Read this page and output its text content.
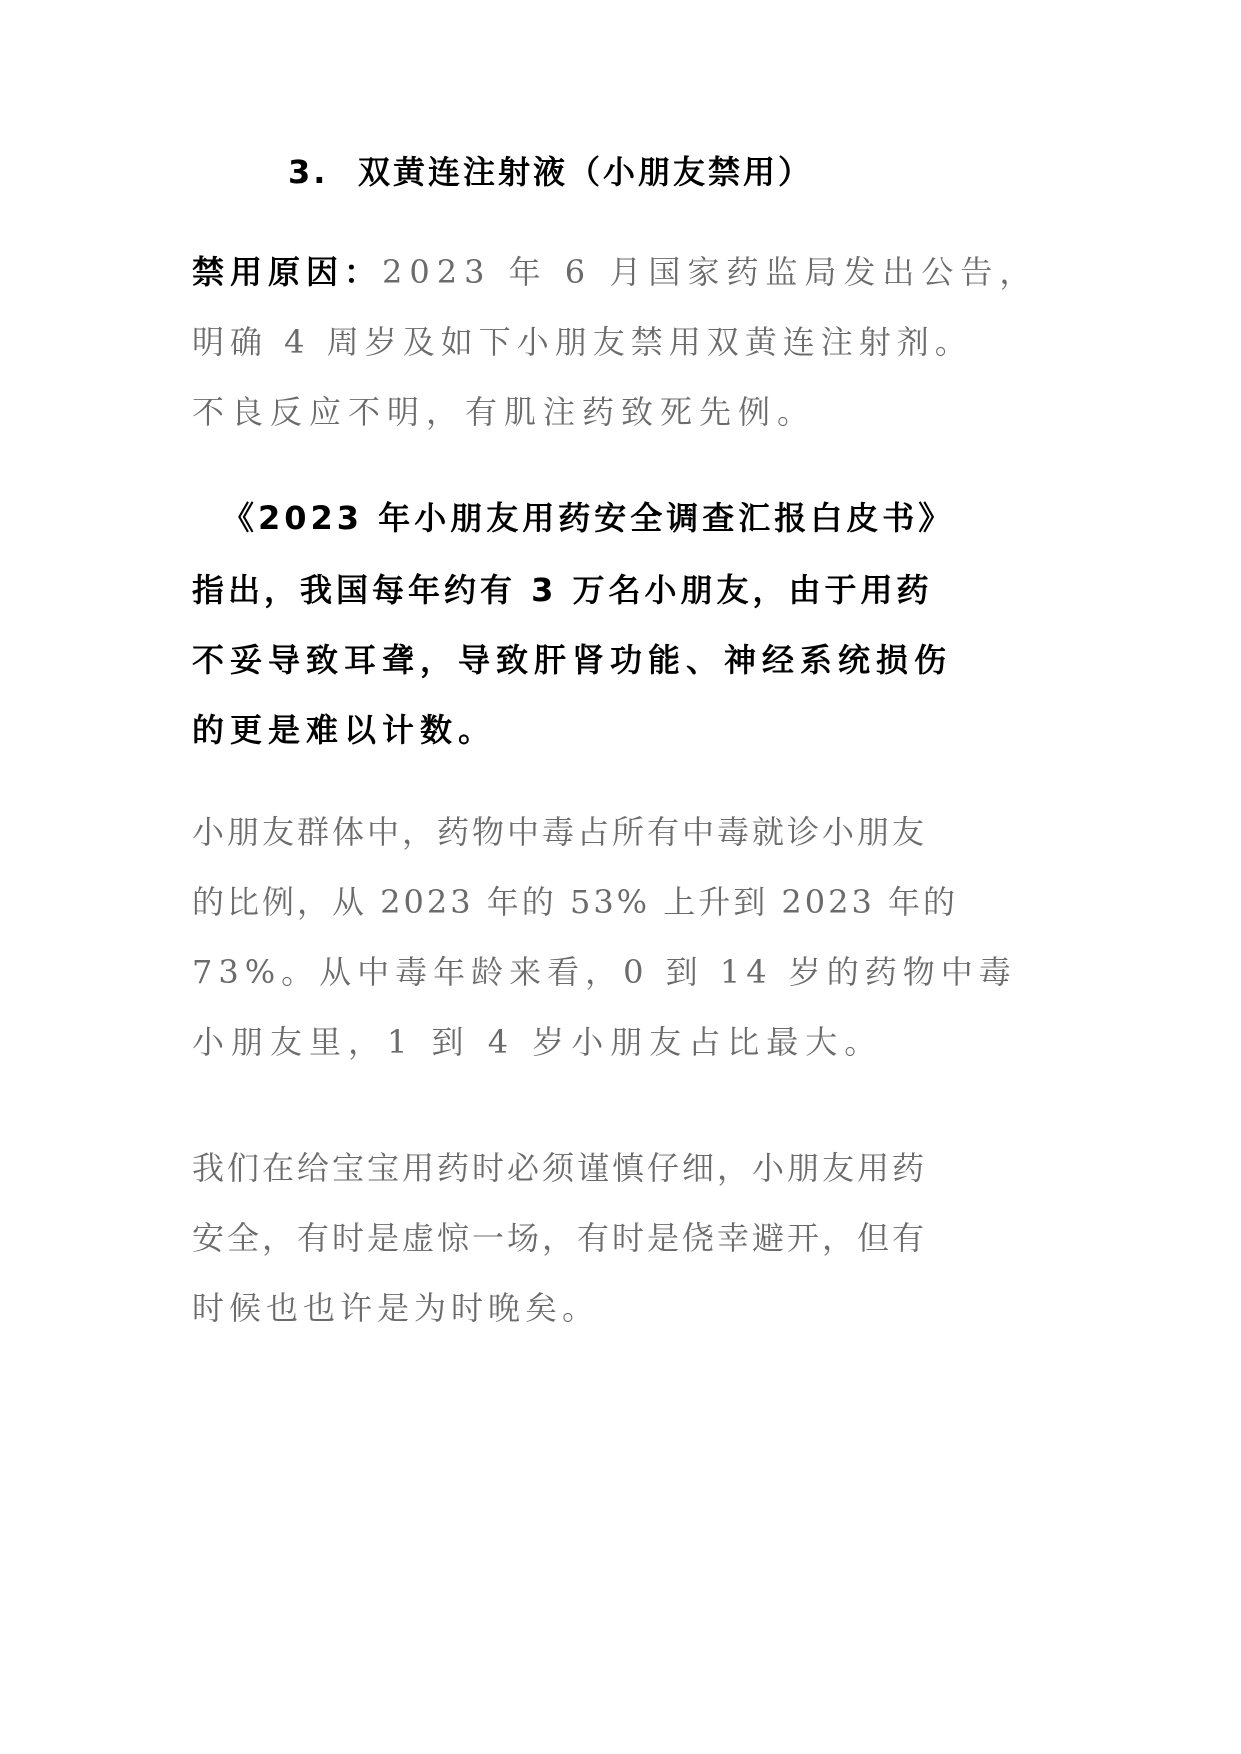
3. 双黄连注射液（小朋友禁用）
禁用原因：2023 年 6 月国家药监局发出公告，
明确 4 周岁及如下小朋友禁用双黄连注射剂。
不良反应不明，有肌注药致死先例。
《2023 年小朋友用药安全调查汇报白皮书》
指出，我国每年约有 3 万名小朋友，由于用药
不妥导致耳聋，导致肝肾功能、神经系统损伤
的更是难以计数。
小朋友群体中，药物中毒占所有中毒就诊小朋友
的比例，从 2023 年的 53% 上升到 2023 年的
73%。从中毒年龄来看，0 到 14 岁的药物中毒
小朋友里，1 到 4 岁小朋友占比最大。
我们在给宝宝用药时必须谨慎仔细，小朋友用药
安全，有时是虚惊一场，有时是侥幸避开，但有
时候也也许是为时晚矣。
